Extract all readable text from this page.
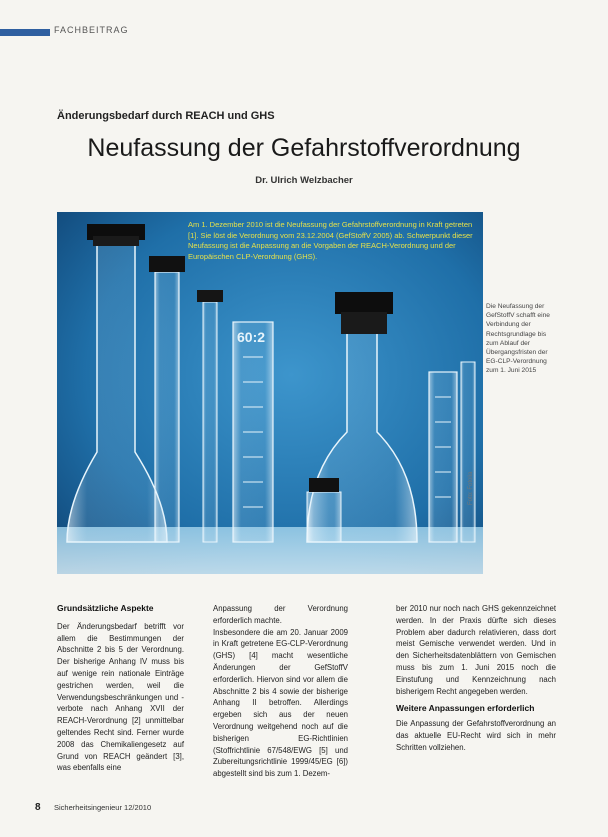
FACHBEITRAG
Änderungsbedarf durch REACH und GHS
Neufassung der Gefahrstoffverordnung
Dr. Ulrich Welzbacher
60:2
Am 1. Dezember 2010 ist die Neufassung der Gefahrstoffverordnung in Kraft getreten [1]. Sie löst die Verordnung vom 23.12.2004 (GefStoffV 2005) ab. Schwerpunkt dieser Neufassung ist die Anpassung an die Vorgaben der REACH-Verordnung und der Europäischen CLP-Verordnung (GHS).
Die Neufassung der GefStoffV schafft eine Verbindung der Rechtsgrundlage bis zum Ablauf der Übergangsfristen der EG-CLP-Verordnung zum 1. Juni 2015
Foto: Fotolia
Grundsätzliche Aspekte

Der Änderungsbedarf betrifft vor allem die Bestimmungen der Abschnitte 2 bis 5 der Verordnung. Der bisherige Anhang IV muss bis auf wenige rein nationale Einträge gestrichen werden, weil die Verwendungsbeschränkungen und -verbote nach Anhang XVII der REACH-Verordnung [2] unmittelbar geltendes Recht sind. Ferner wurde 2008 das Chemikaliengesetz auf Grund von REACH geändert [3], was ebenfalls eine

Anpassung der Verordnung erforderlich machte.

Insbesondere die am 20. Januar 2009 in Kraft getretene EG-CLP-Verordnung (GHS) [4] macht wesentliche Änderungen der GefStoffV erforderlich. Hiervon sind vor allem die Abschnitte 2 bis 4 sowie der bisherige Anhang II betroffen. Allerdings ergeben sich aus der neuen Verordnung weitgehend noch auf die bisherigen EG-Richtlinien (Stoffrichtlinie 67/548/EWG [5] und Zubereitungsrichtlinie 1999/45/EG [6]) abgestellt sind bis zum 1. Dezem-

ber 2010 nur noch nach GHS gekennzeichnet werden. In der Praxis dürfte sich dieses Problem aber dadurch relativieren, dass dort meist Gemische verwendet werden. Und in den Sicherheitsdatenblättern von Gemischen muss bis zum 1. Juni 2015 noch die Einstufung und Kennzeichnung nach bisherigem Recht angegeben werden.

Weitere Anpassungen erforderlich

Die Anpassung der Gefahrstoffverordnung an das aktuelle EU-Recht wird sich in mehr Schritten vollziehen.

8 Sicherheitsingenieur 12/2010
